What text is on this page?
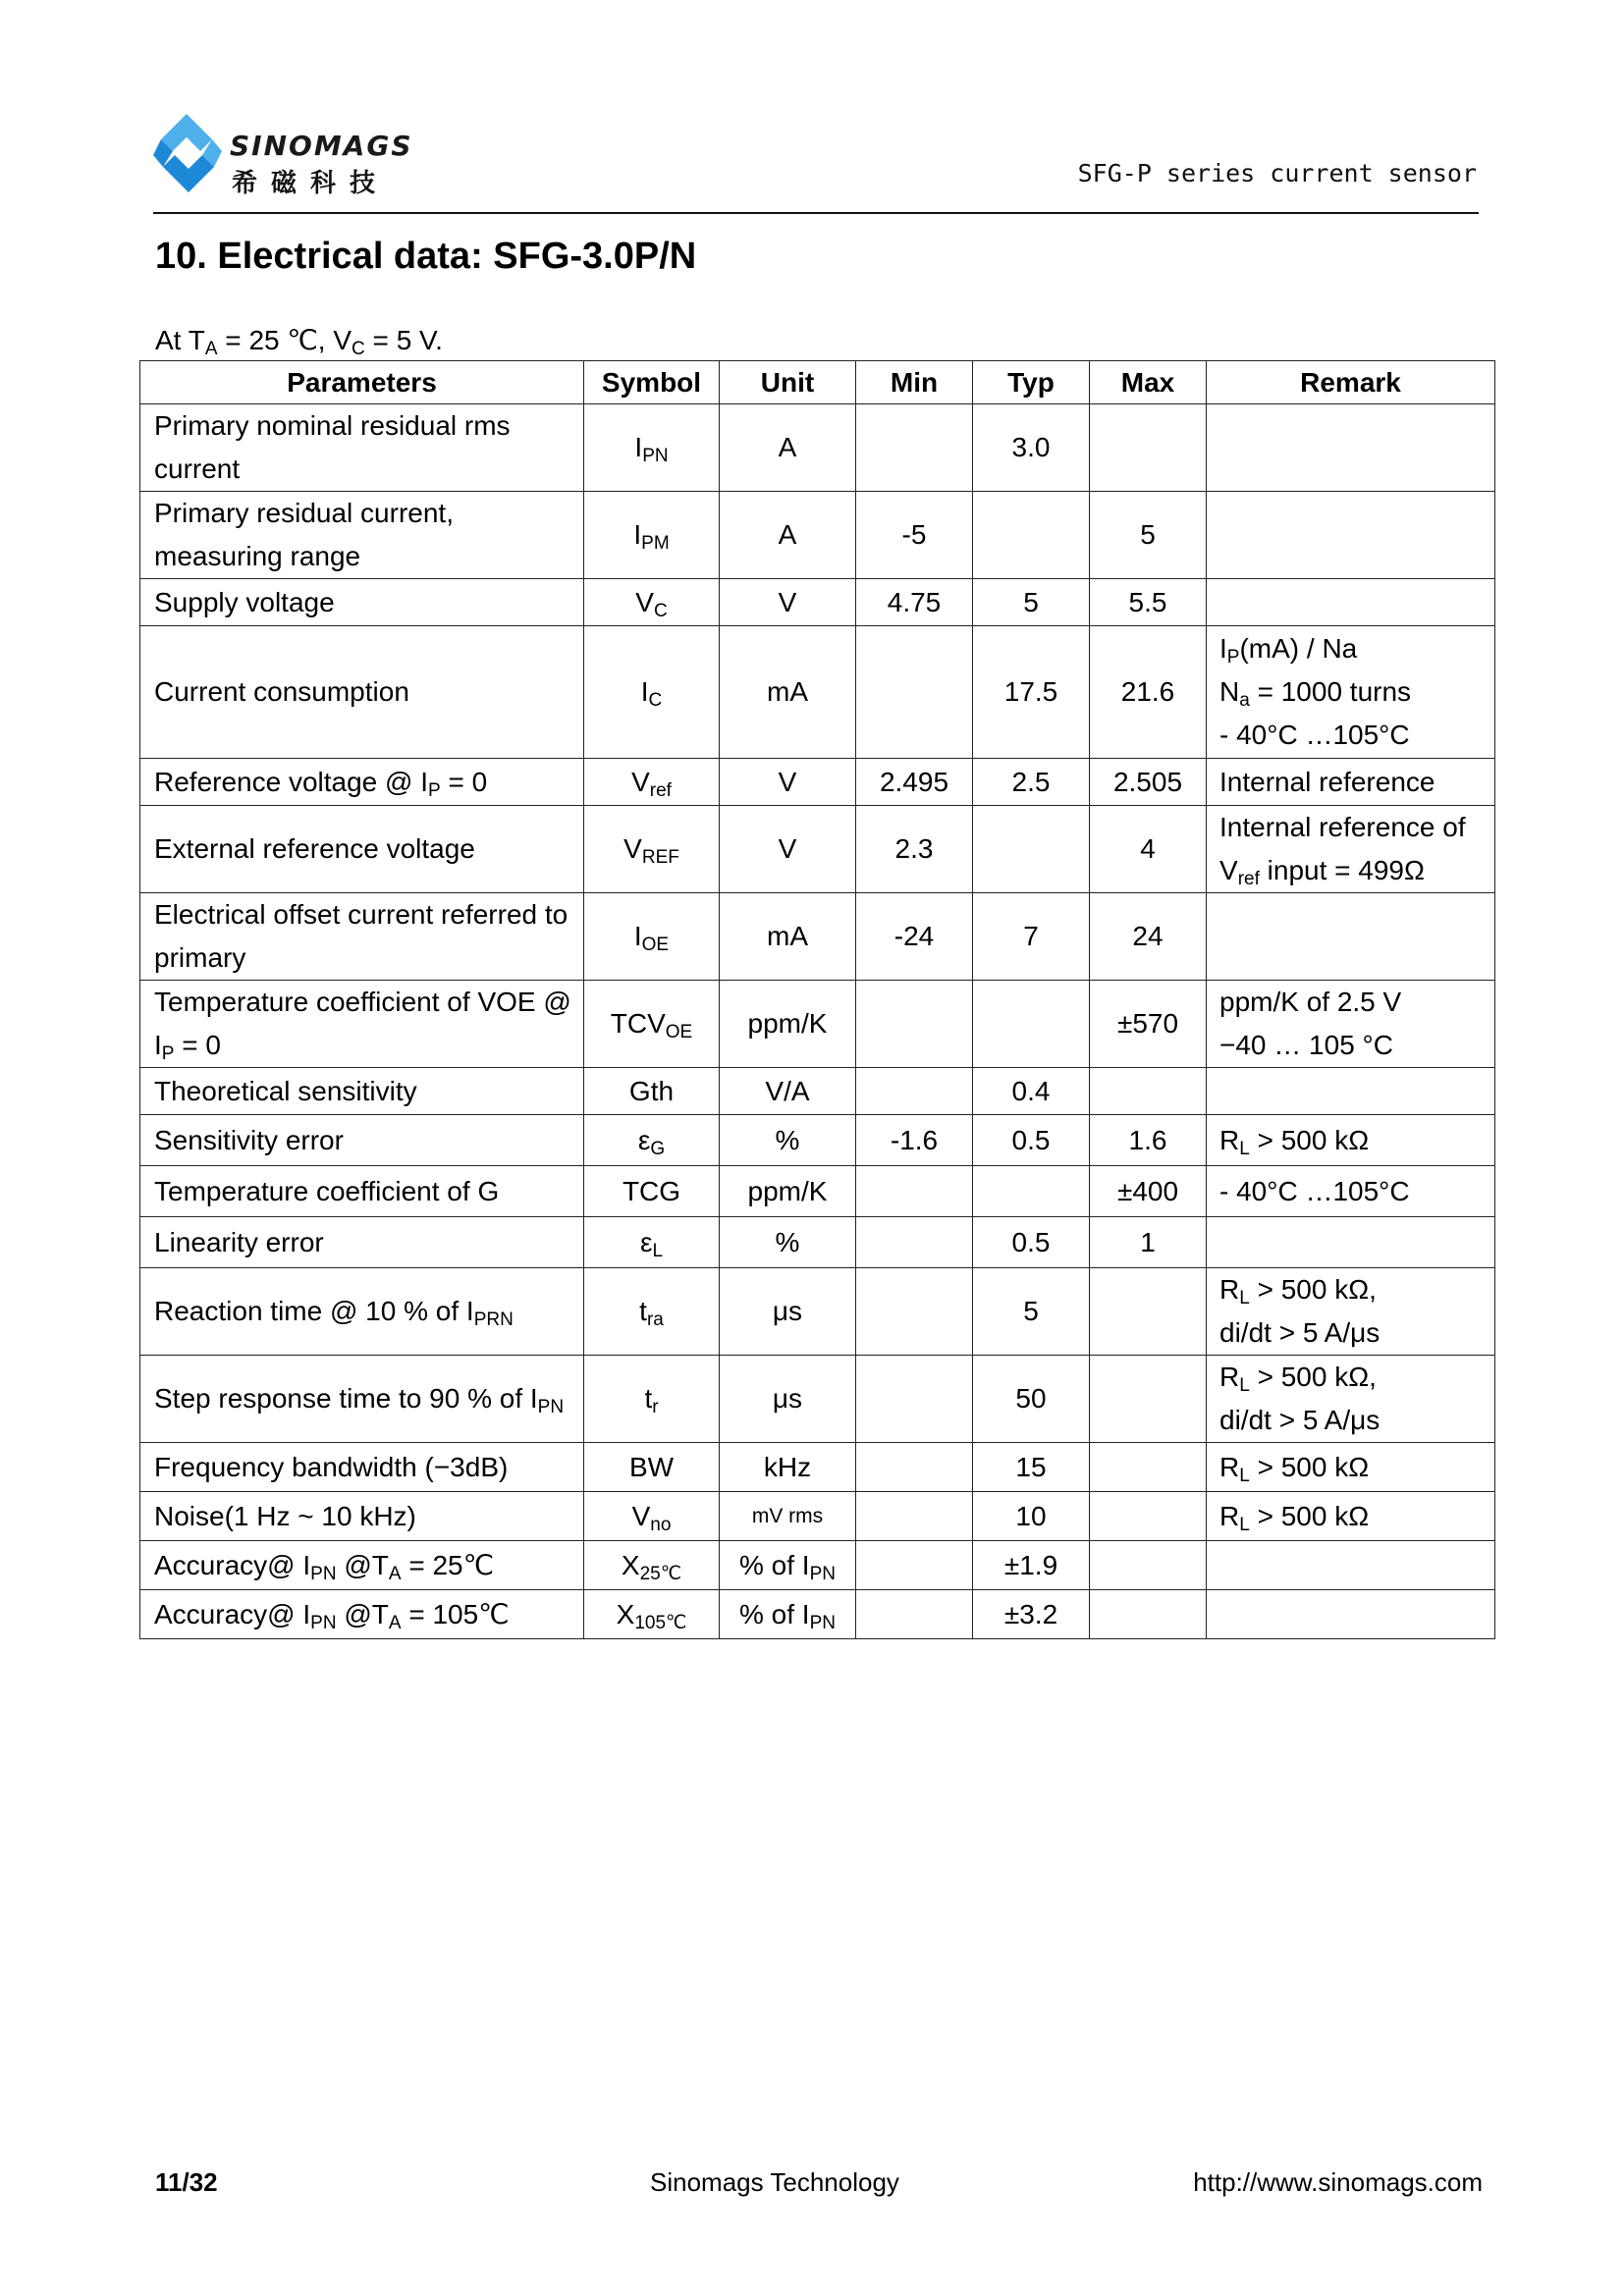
SINOMAGS
希磁科技	SFG-P series current sensor
10. Electrical data: SFG-3.0P/N
At $T_A = 25$ ℃, $V_C = 5$ V.
Parameters	Symbol	Unit	Min	Typ	Max	Remark
Primary nominal residual rms current	$I_{PN}$	A		3.0		
Primary residual current, measuring range	$I_{PM}$	A	-5		5	
Supply voltage	$V_C$	V	4.75	5	5.5	
Current consumption	$I_C$	mA		17.5	21.6	$I_P(mA)$ / Na
$N_a = 1000$ turns
- 40°C …105°C
Reference voltage @ $I_P = 0$	$V_{ref}$	V	2.495	2.5	2.505	Internal reference
External reference voltage	$V_{REF}$	V	2.3		4	Internal reference of $V_{ref}$ input = 499Ω
Electrical offset current referred to primary	$I_{OE}$	mA	-24	7	24	
Temperature coefficient of VOE @ $I_P = 0$	$TCV_{OE}$	ppm/K			±570	ppm/K of 2.5 V
−40 … 105 °C
Theoretical sensitivity	Gth	V/A		0.4		
Sensitivity error	$\varepsilon_G$	%	-1.6	0.5	1.6	$R_L > 500$ kΩ
Temperature coefficient of G	TCG	ppm/K			±400	- 40°C …105°C
Linearity error	$\varepsilon_L$	%		0.5	1	
Reaction time @ 10 % of $I_{PRN}$	$t_{ra}$	μs		5		$R_L > 500$ kΩ,
di/dt > 5 A/μs
Step response time to 90 % of $I_{PN}$	$t_r$	μs		50		$R_L > 500$ kΩ,
di/dt > 5 A/μs
Frequency bandwidth (−3dB)	BW	kHz		15		$R_L > 500$ kΩ
Noise(1 Hz ~ 10 kHz)	$V_{no}$	mV rms		10		$R_L > 500$ kΩ
Accuracy@ $I_{PN}$ $@T_A$ = 25℃	$X_{25℃}$	% of $I_{PN}$		±1.9		
Accuracy@ $I_{PN}$ $@T_A$ = 105℃	$X_{105℃}$	% of $I_{PN}$		±3.2		
11/32	Sinomags Technology	http://www.sinomags.com
